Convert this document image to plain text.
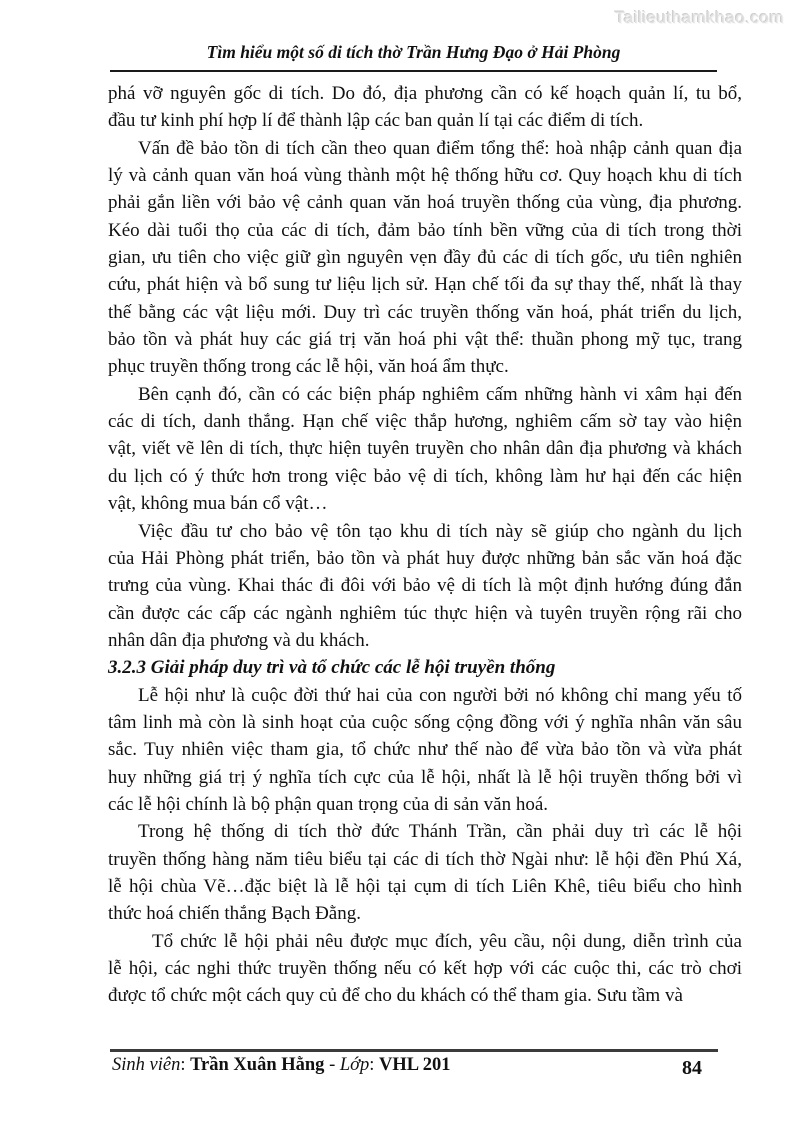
Tailieuthamkhao.com
Tìm hiểu một số di tích thờ Trần Hưng Đạo ở Hải Phòng
phá vỡ nguyên gốc di tích. Do đó, địa phương cần có kế hoạch quản lí, tu bổ,
đầu tư kinh phí hợp lí để thành lập các ban quản lí tại các điểm di tích.
Vấn đề bảo tồn di tích cần theo quan điểm tổng thể: hoà nhập cảnh quan địa
lý và cảnh quan văn hoá vùng thành một hệ thống hữu cơ. Quy hoạch khu di tích
phải gắn liền với bảo vệ cảnh quan văn hoá truyền thống của vùng, địa phương.
Kéo dài tuổi thọ của các di tích, đảm bảo tính bền vững của di tích trong thời
gian, ưu tiên cho việc giữ gìn nguyên vẹn đầy đủ các di tích gốc, ưu tiên nghiên
cứu, phát hiện và bổ sung tư liệu lịch sử. Hạn chế tối đa sự thay thế, nhất là thay
thế bằng các vật liệu mới. Duy trì các truyền thống văn hoá, phát triển du lịch,
bảo tồn và phát huy các giá trị văn hoá phi vật thể: thuần phong mỹ tục, trang
phục truyền thống trong các lễ hội, văn hoá ẩm thực.
Bên cạnh đó, cần có các biện pháp nghiêm cấm những hành vi xâm hại đến
các di tích, danh thắng. Hạn chế việc thắp hương, nghiêm cấm sờ tay vào hiện
vật, viết vẽ lên di tích, thực hiện tuyên truyền cho nhân dân địa phương và khách
du lịch có ý thức hơn trong việc bảo vệ di tích, không làm hư hại đến các hiện
vật, không mua bán cổ vật…
Việc đầu tư cho bảo vệ tôn tạo khu di tích này sẽ giúp cho ngành du lịch
của Hải Phòng phát triển, bảo tồn và phát huy được những bản sắc văn hoá đặc
trưng của vùng. Khai thác đi đôi với bảo vệ di tích là một định hướng đúng đắn
cần được các cấp các ngành nghiêm túc thực hiện và tuyên truyền rộng rãi cho
nhân dân địa phương và du khách.
3.2.3 Giải pháp duy trì và tổ chức các lễ hội truyền thống
Lễ hội như là cuộc đời thứ hai của con người bởi nó không chỉ mang yếu tố
tâm linh mà còn là sinh hoạt của cuộc sống cộng đồng với ý nghĩa nhân văn sâu
sắc. Tuy nhiên việc tham gia, tổ chức như thế nào để vừa bảo tồn và vừa phát
huy những giá trị ý nghĩa tích cực của lễ hội, nhất là lễ hội truyền thống bởi vì
các lễ hội chính là bộ phận quan trọng của di sản văn hoá.
Trong hệ thống di tích thờ đức Thánh Trần, cần phải duy trì các lễ hội
truyền thống hàng năm tiêu biểu tại các di tích thờ Ngài như: lễ hội đền Phú Xá,
lễ hội chùa Vẽ…đặc biệt là lễ hội tại cụm di tích Liên Khê, tiêu biểu cho hình
thức hoá chiến thắng Bạch Đằng.
Tổ chức lễ hội phải nêu được mục đích, yêu cầu, nội dung, diễn trình của
lễ hội, các nghi thức truyền thống nếu có kết hợp với các cuộc thi, các trò chơi
được tổ chức một cách quy củ để cho du khách có thể tham gia. Sưu tầm và
Sinh viên: Trần Xuân Hằng - Lớp: VHL 201	84
